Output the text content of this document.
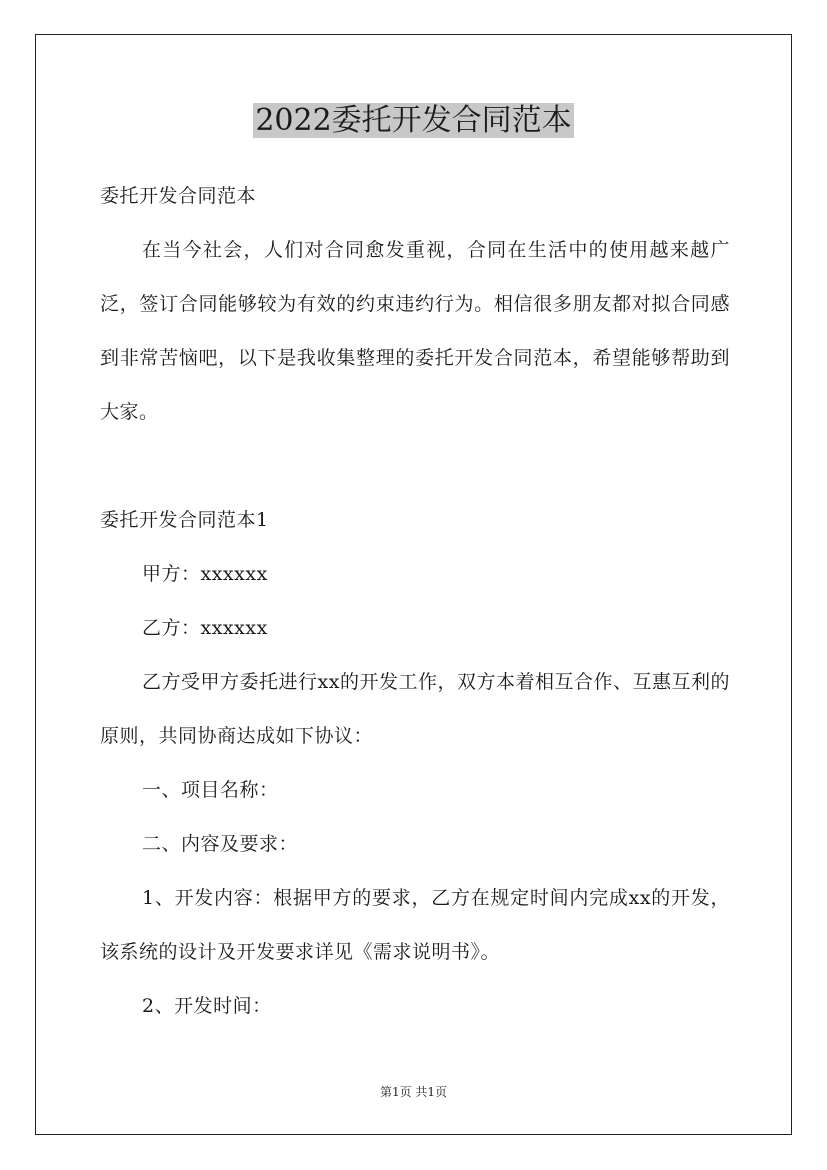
2022委托开发合同范本

委托开发合同范本

在当今社会，人们对合同愈发重视，合同在生活中的使用越来越广泛，签订合同能够较为有效的约束违约行为。相信很多朋友都对拟合同感到非常苦恼吧，以下是我收集整理的委托开发合同范本，希望能够帮助到大家。

委托开发合同范本1

甲方：xxxxxx

乙方：xxxxxx

乙方受甲方委托进行xx的开发工作，双方本着相互合作、互惠互利的原则，共同协商达成如下协议：

一、项目名称：

二、内容及要求：

1、开发内容：根据甲方的要求，乙方在规定时间内完成xx的开发，该系统的设计及开发要求详见《需求说明书》。

2、开发时间：

第1页 共1页
